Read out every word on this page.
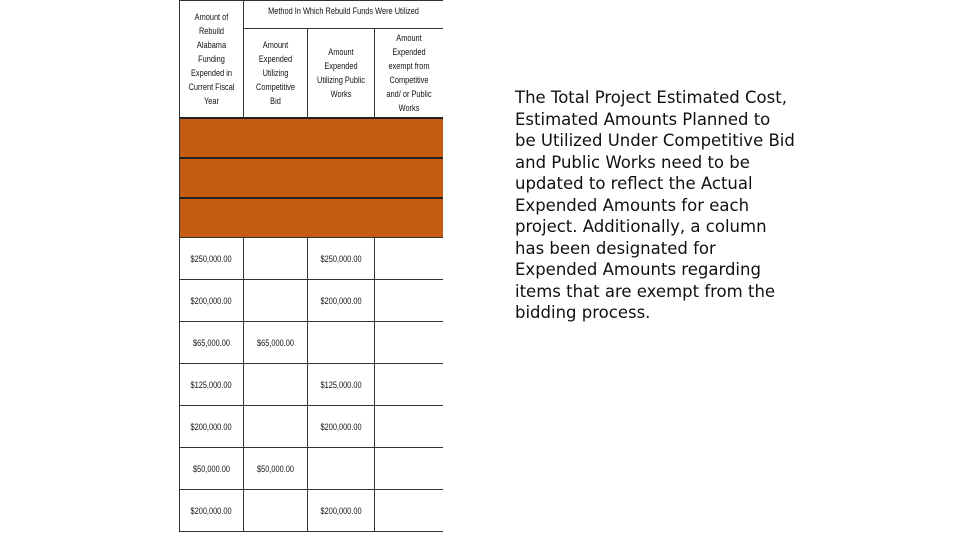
Amount of Rebuild Alabama Funding Expended in Current Fiscal Year	Method In Which Rebuild Funds Were Utilized		

	Amount Expended Utilizing Competitive Bid	Amount Expended Utilizing Public Works	Amount Expended exempt from Competitive and/ or Public Works

$250,000.00		$250,000.00	
$200,000.00		$200,000.00	
$65,000.00	$65,000.00		
$125,000.00		$125,000.00	
$200,000.00		$200,000.00	
$50,000.00	$50,000.00		
$200,000.00		$200,000.00	
The Total Project Estimated Cost, Estimated Amounts Planned to be Utilized Under Competitive Bid and Public Works need to be updated to reflect the Actual Expended Amounts for each project. Additionally, a column has been designated for Expended Amounts regarding items that are exempt from the bidding process.
